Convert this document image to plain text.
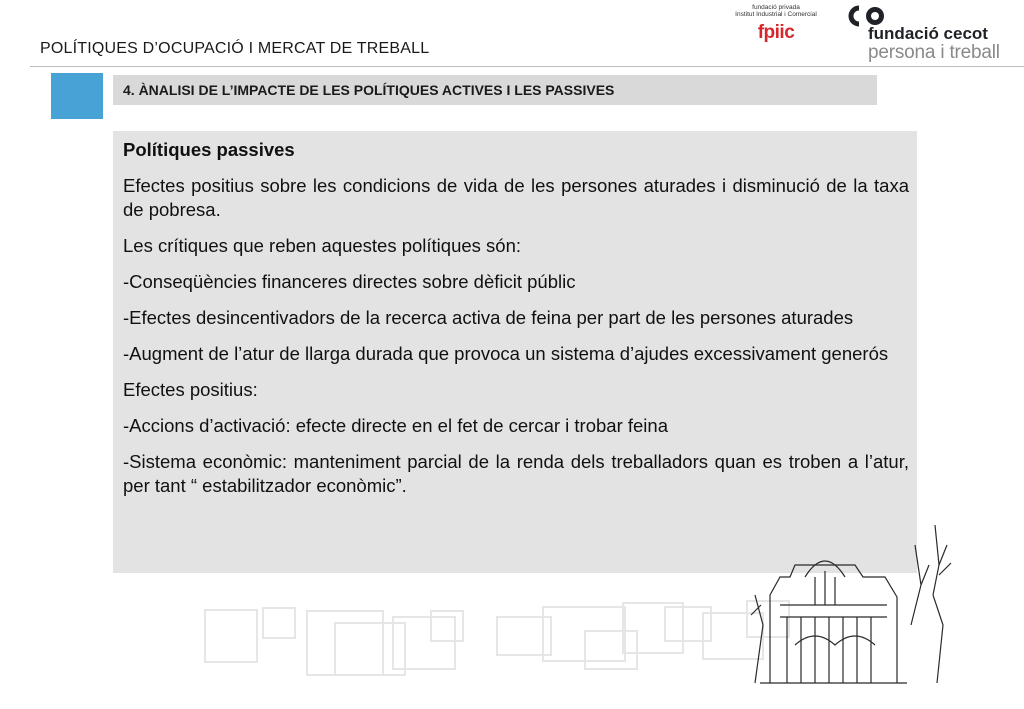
POLÍTIQUES D’OCUPACIÓ I MERCAT DE TREBALL
fundació privada
Institut Industrial i Comercial
fpiic	fundació cecot
persona i treball
4. ÀNALISI DE L’IMPACTE DE LES POLÍTIQUES ACTIVES I LES PASSIVES

Polítiques passives

Efectes positius sobre les condicions de vida de les persones aturades i disminució de la taxa de pobresa.

Les crítiques que reben aquestes polítiques són:

-Conseqüències financeres directes sobre dèficit públic

-Efectes desincentivadors de la recerca activa de feina per part de les persones aturades

-Augment de l’atur de llarga durada que provoca un sistema d’ajudes excessivament generós

Efectes positius:

-Accions d’activació: efecte directe en el fet de cercar i trobar feina

-Sistema econòmic: manteniment parcial de la renda dels treballadors quan es troben a l’atur, per tant “ estabilitzador econòmic”.
